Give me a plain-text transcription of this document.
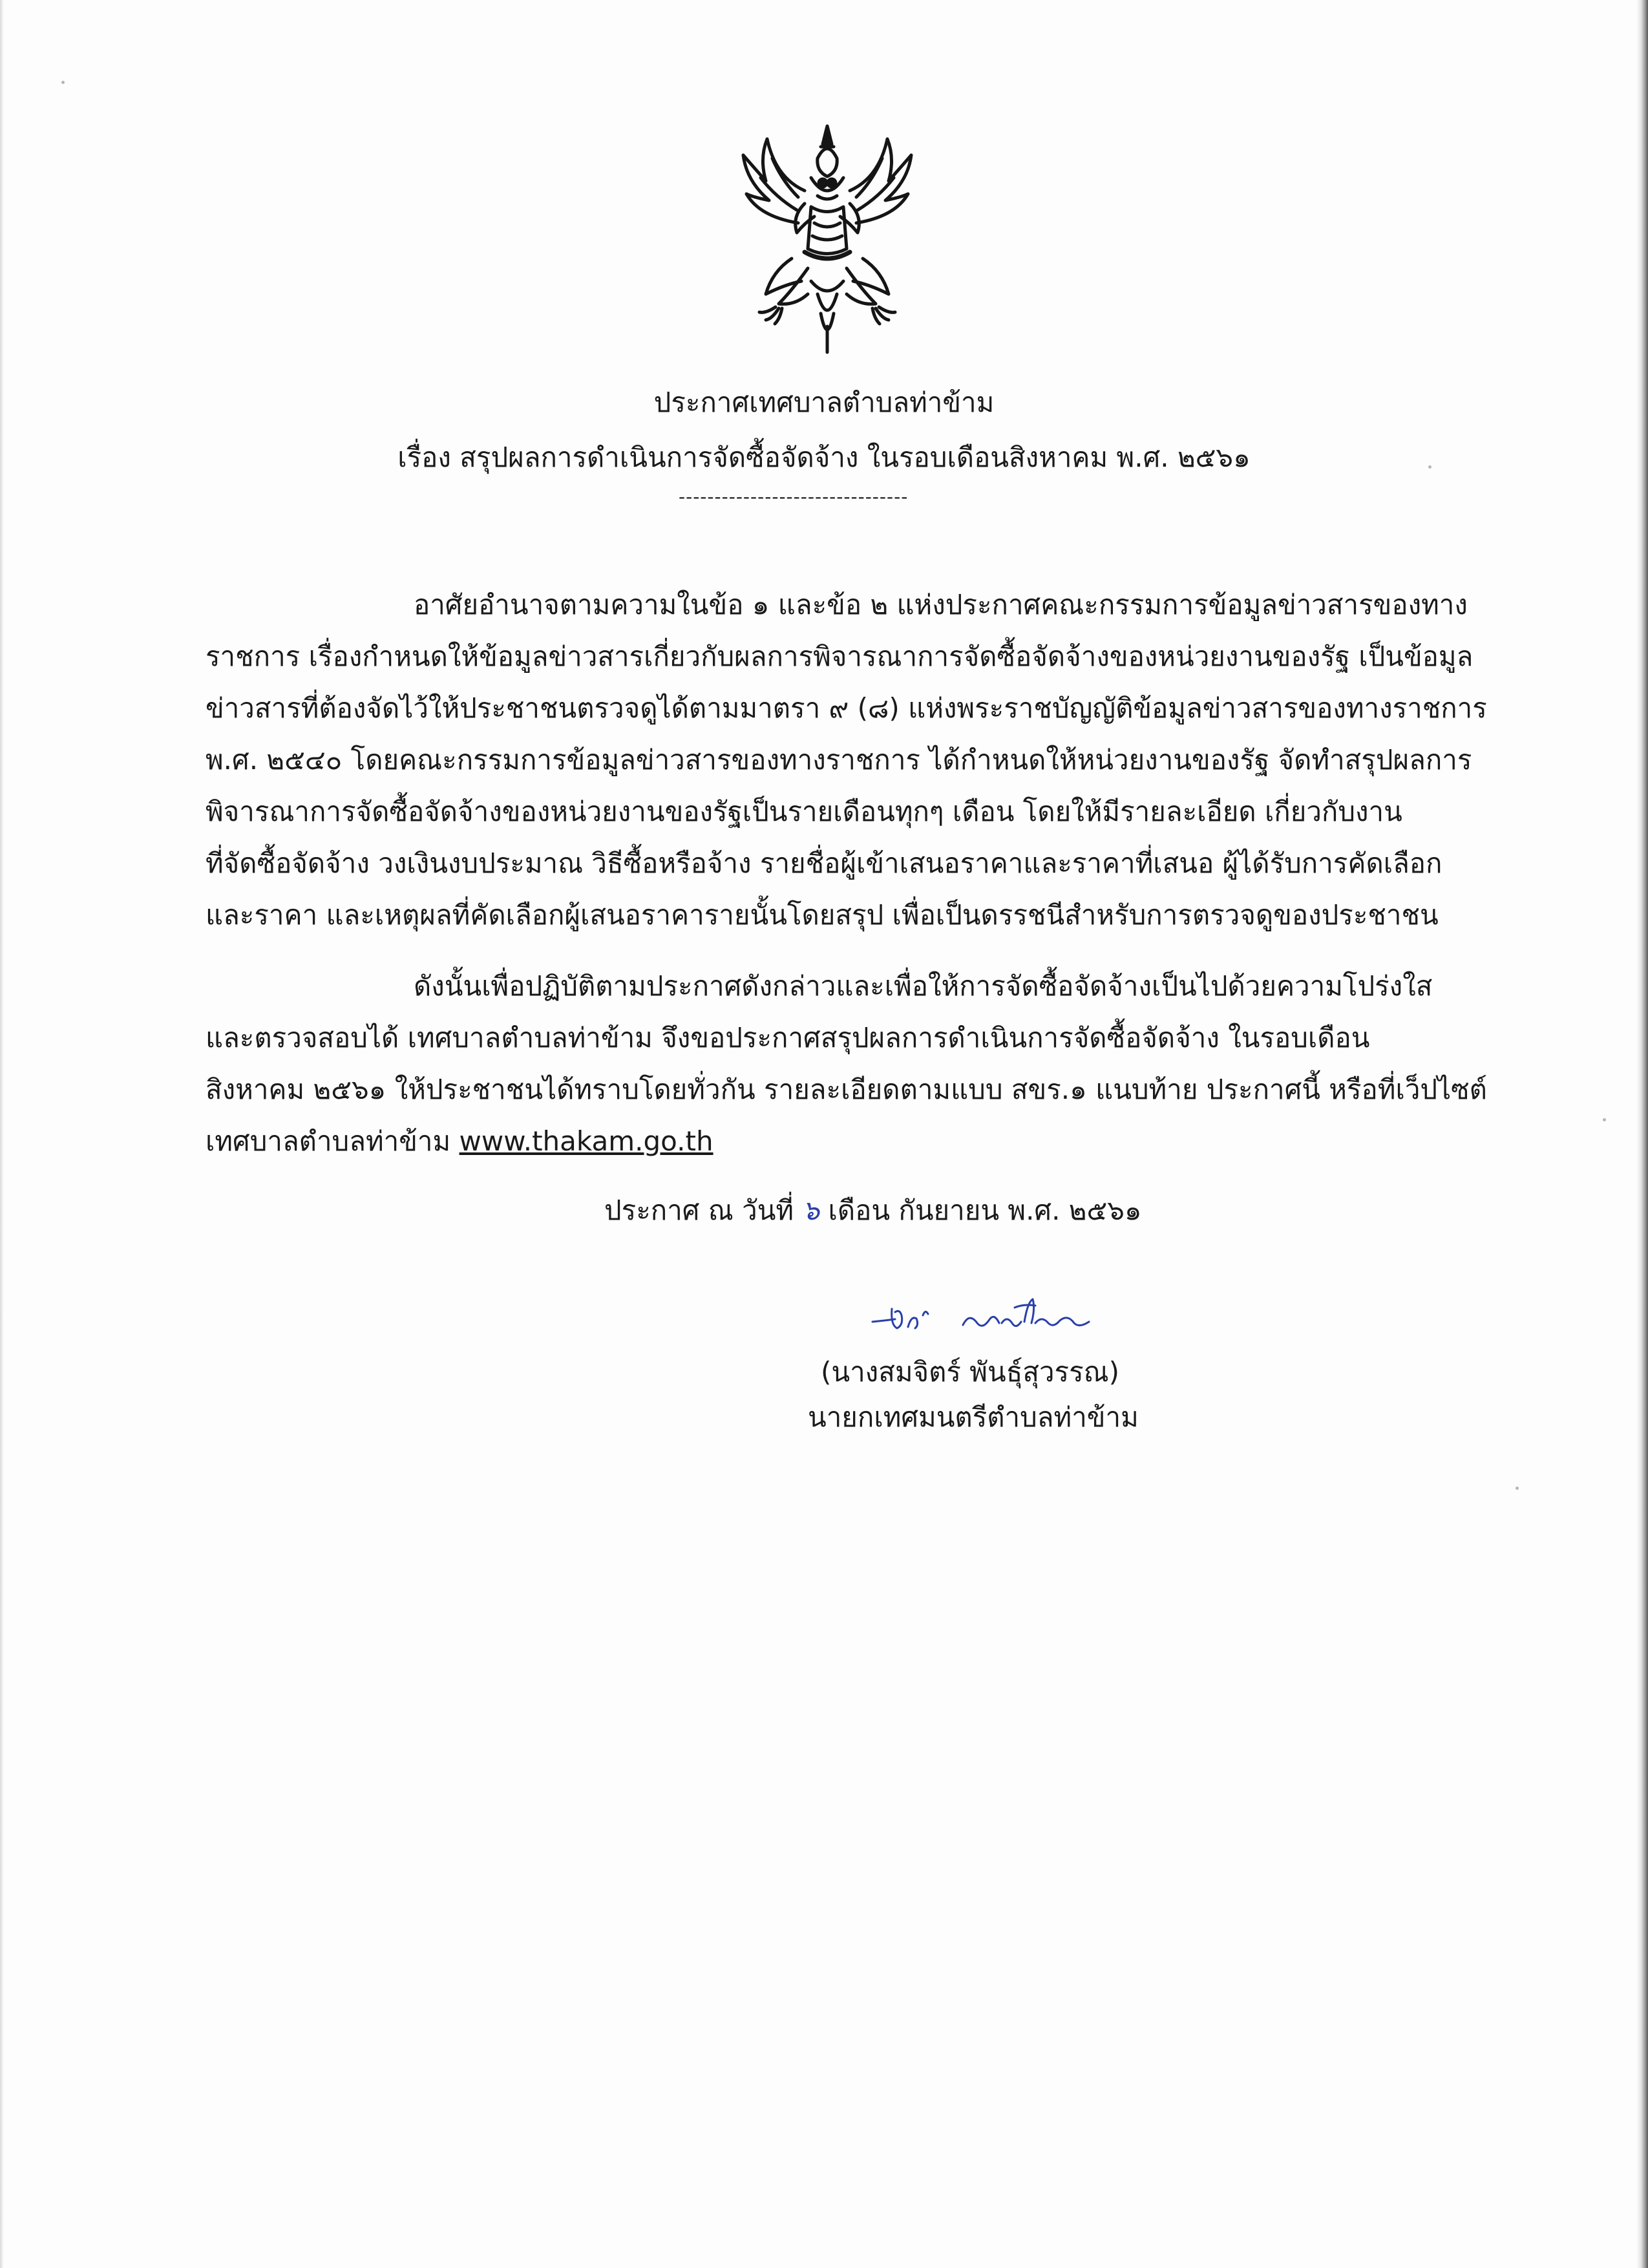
ประกาศเทศบาลตำบลท่าข้าม
เรื่อง สรุปผลการดำเนินการจัดซื้อจัดจ้าง ในรอบเดือนสิงหาคม พ.ศ. ๒๕๖๑
--------------------------------
อาศัยอำนาจตามความในข้อ ๑ และข้อ ๒ แห่งประกาศคณะกรรมการข้อมูลข่าวสารของทาง
ราชการ เรื่องกำหนดให้ข้อมูลข่าวสารเกี่ยวกับผลการพิจารณาการจัดซื้อจัดจ้างของหน่วยงานของรัฐ เป็นข้อมูล
ข่าวสารที่ต้องจัดไว้ให้ประชาชนตรวจดูได้ตามมาตรา ๙ (๘) แห่งพระราชบัญญัติข้อมูลข่าวสารของทางราชการ
พ.ศ. ๒๕๔๐ โดยคณะกรรมการข้อมูลข่าวสารของทางราชการ ได้กำหนดให้หน่วยงานของรัฐ จัดทำสรุปผลการ
พิจารณาการจัดซื้อจัดจ้างของหน่วยงานของรัฐเป็นรายเดือนทุกๆ เดือน โดยให้มีรายละเอียด เกี่ยวกับงาน
ที่จัดซื้อจัดจ้าง วงเงินงบประมาณ วิธีซื้อหรือจ้าง รายชื่อผู้เข้าเสนอราคาและราคาที่เสนอ ผู้ได้รับการคัดเลือก
และราคา และเหตุผลที่คัดเลือกผู้เสนอราคารายนั้นโดยสรุป เพื่อเป็นดรรชนีสำหรับการตรวจดูของประชาชน
ดังนั้นเพื่อปฏิบัติตามประกาศดังกล่าวและเพื่อให้การจัดซื้อจัดจ้างเป็นไปด้วยความโปร่งใส
และตรวจสอบได้ เทศบาลตำบลท่าข้าม จึงขอประกาศสรุปผลการดำเนินการจัดซื้อจัดจ้าง ในรอบเดือน
สิงหาคม ๒๕๖๑ ให้ประชาชนได้ทราบโดยทั่วกัน รายละเอียดตามแบบ สขร.๑ แนบท้าย ประกาศนี้ หรือที่เว็ปไซต์
เทศบาลตำบลท่าข้าม www.thakam.go.th
ประกาศ ณ วันที่ ๖ เดือน กันยายน พ.ศ. ๒๕๖๑
(นางสมจิตร์ พันธุ์สุวรรณ)
นายกเทศมนตรีตำบลท่าข้าม
